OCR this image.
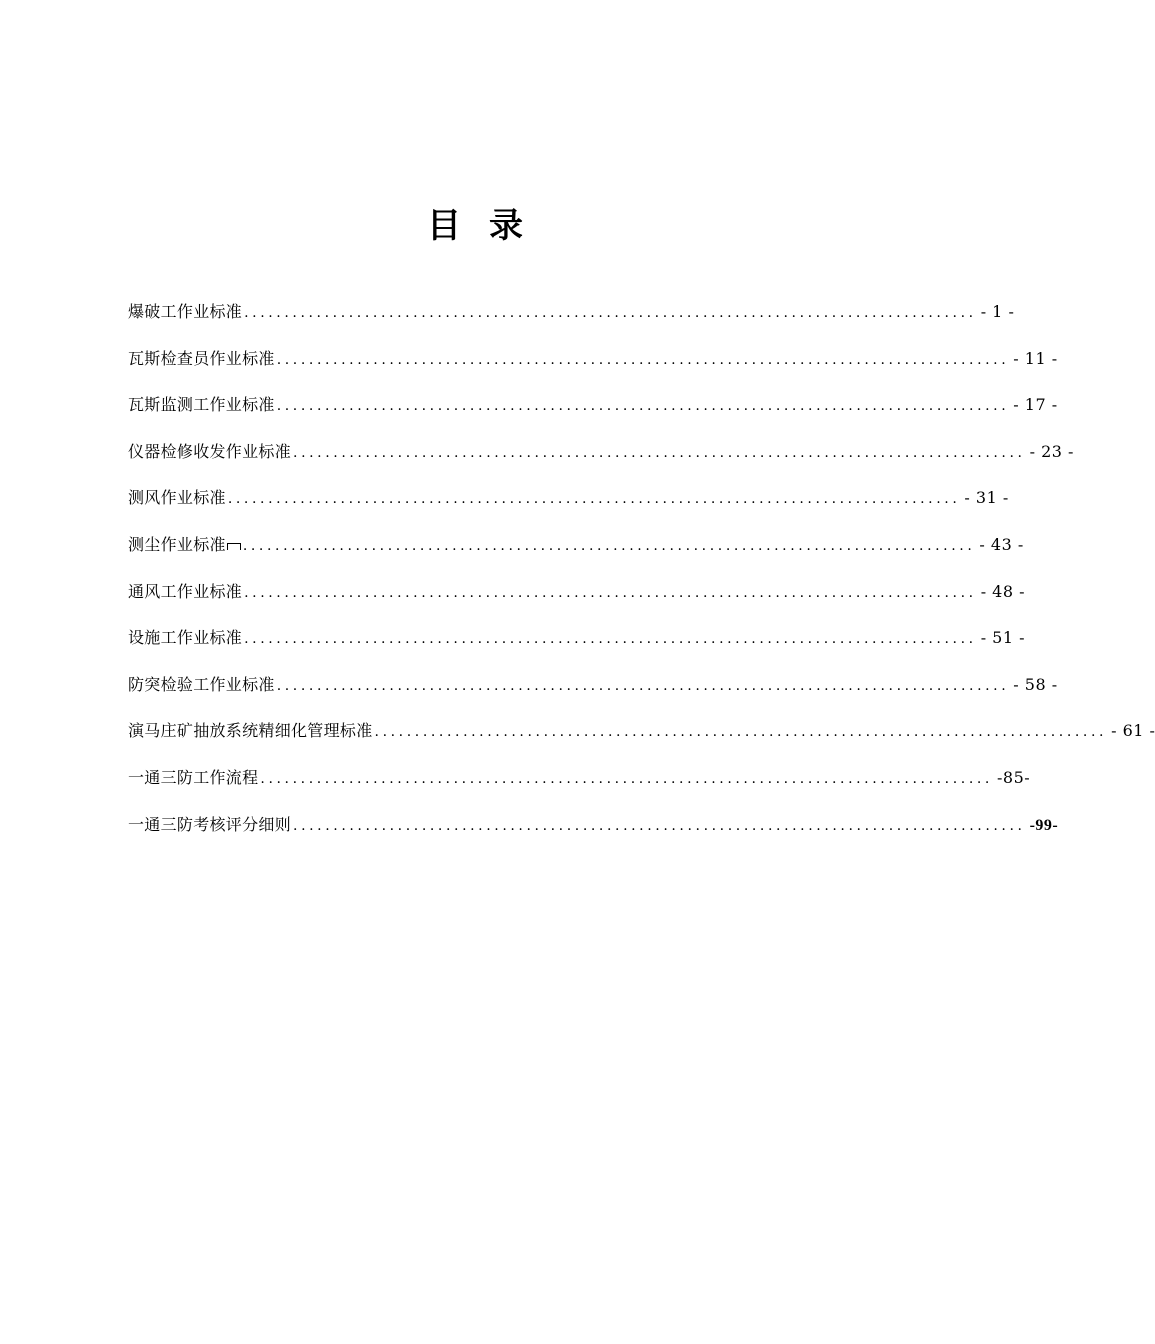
目 录
爆破工作业标准 ........................................................................................... - 1 -
瓦斯检查员作业标准 ........................................................................................... - 11 -
瓦斯监测工作业标准 ........................................................................................... - 17 -
仪器检修收发作业标准 ........................................................................................... - 23 -
测风作业标准 ........................................................................................... - 31 -
测尘作业标准	........................................................................................... - 43 -
通风工作业标准 ........................................................................................... - 48 -
设施工作业标准 ........................................................................................... - 51 -
防突检验工作业标准 ........................................................................................... - 58 -
演马庄矿抽放系统精细化管理标准 ........................................................................................... - 61 -
一通三防工作流程 ........................................................................................... -85-
一通三防考核评分细则 ........................................................................................... -99-
